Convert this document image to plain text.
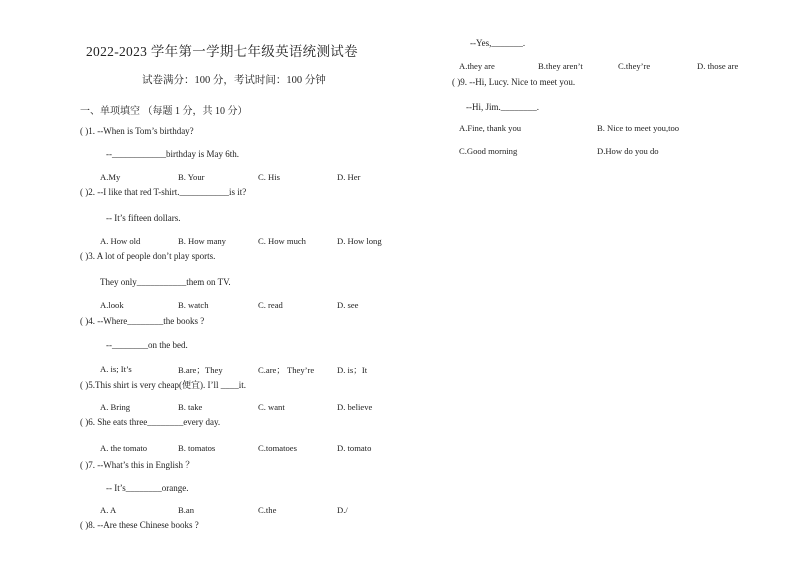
2022-2023 学年第一学期七年级英语统测试卷
试卷满分：100 分，考试时间：100 分钟
一、单项填空 （每题 1 分，共 10 分）
( )1. --When is Tom’s birthday?
--____________birthday is May 6th.
A.My	B. Your	C. His	D. Her
( )2. --I like that red T-shirt.___________is it?
-- It’s fifteen dollars.
A. How old	B. How many	C. How much	D. How long
( )3. A lot of people don’t play sports.
They only___________them on TV.
A.look	B. watch	C. read	D. see
( )4. --Where________the books ?
--________on the bed.
A. is; It’s	B.are；They	C.are； They’re	D. is；It
( )5.This shirt is very cheap(便宜). I’ll ____it.
A. Bring	B. take	C. want	D. believe
( )6. She eats three________every day.
A. the tomato	B. tomatos	C.tomatoes	D. tomato
( )7. --What’s this in English ？
-- It’s________orange.
A. A	B.an	C.the	D./
( )8. --Are these Chinese books ?
--Yes,_______.
A.they are	B.they aren’t	C.they’re	D. those are
( )9. --Hi, Lucy. Nice to meet you.
--Hi, Jim.________.
A.Fine, thank you	B. Nice to meet you,too
C.Good morning	D.How do you do
